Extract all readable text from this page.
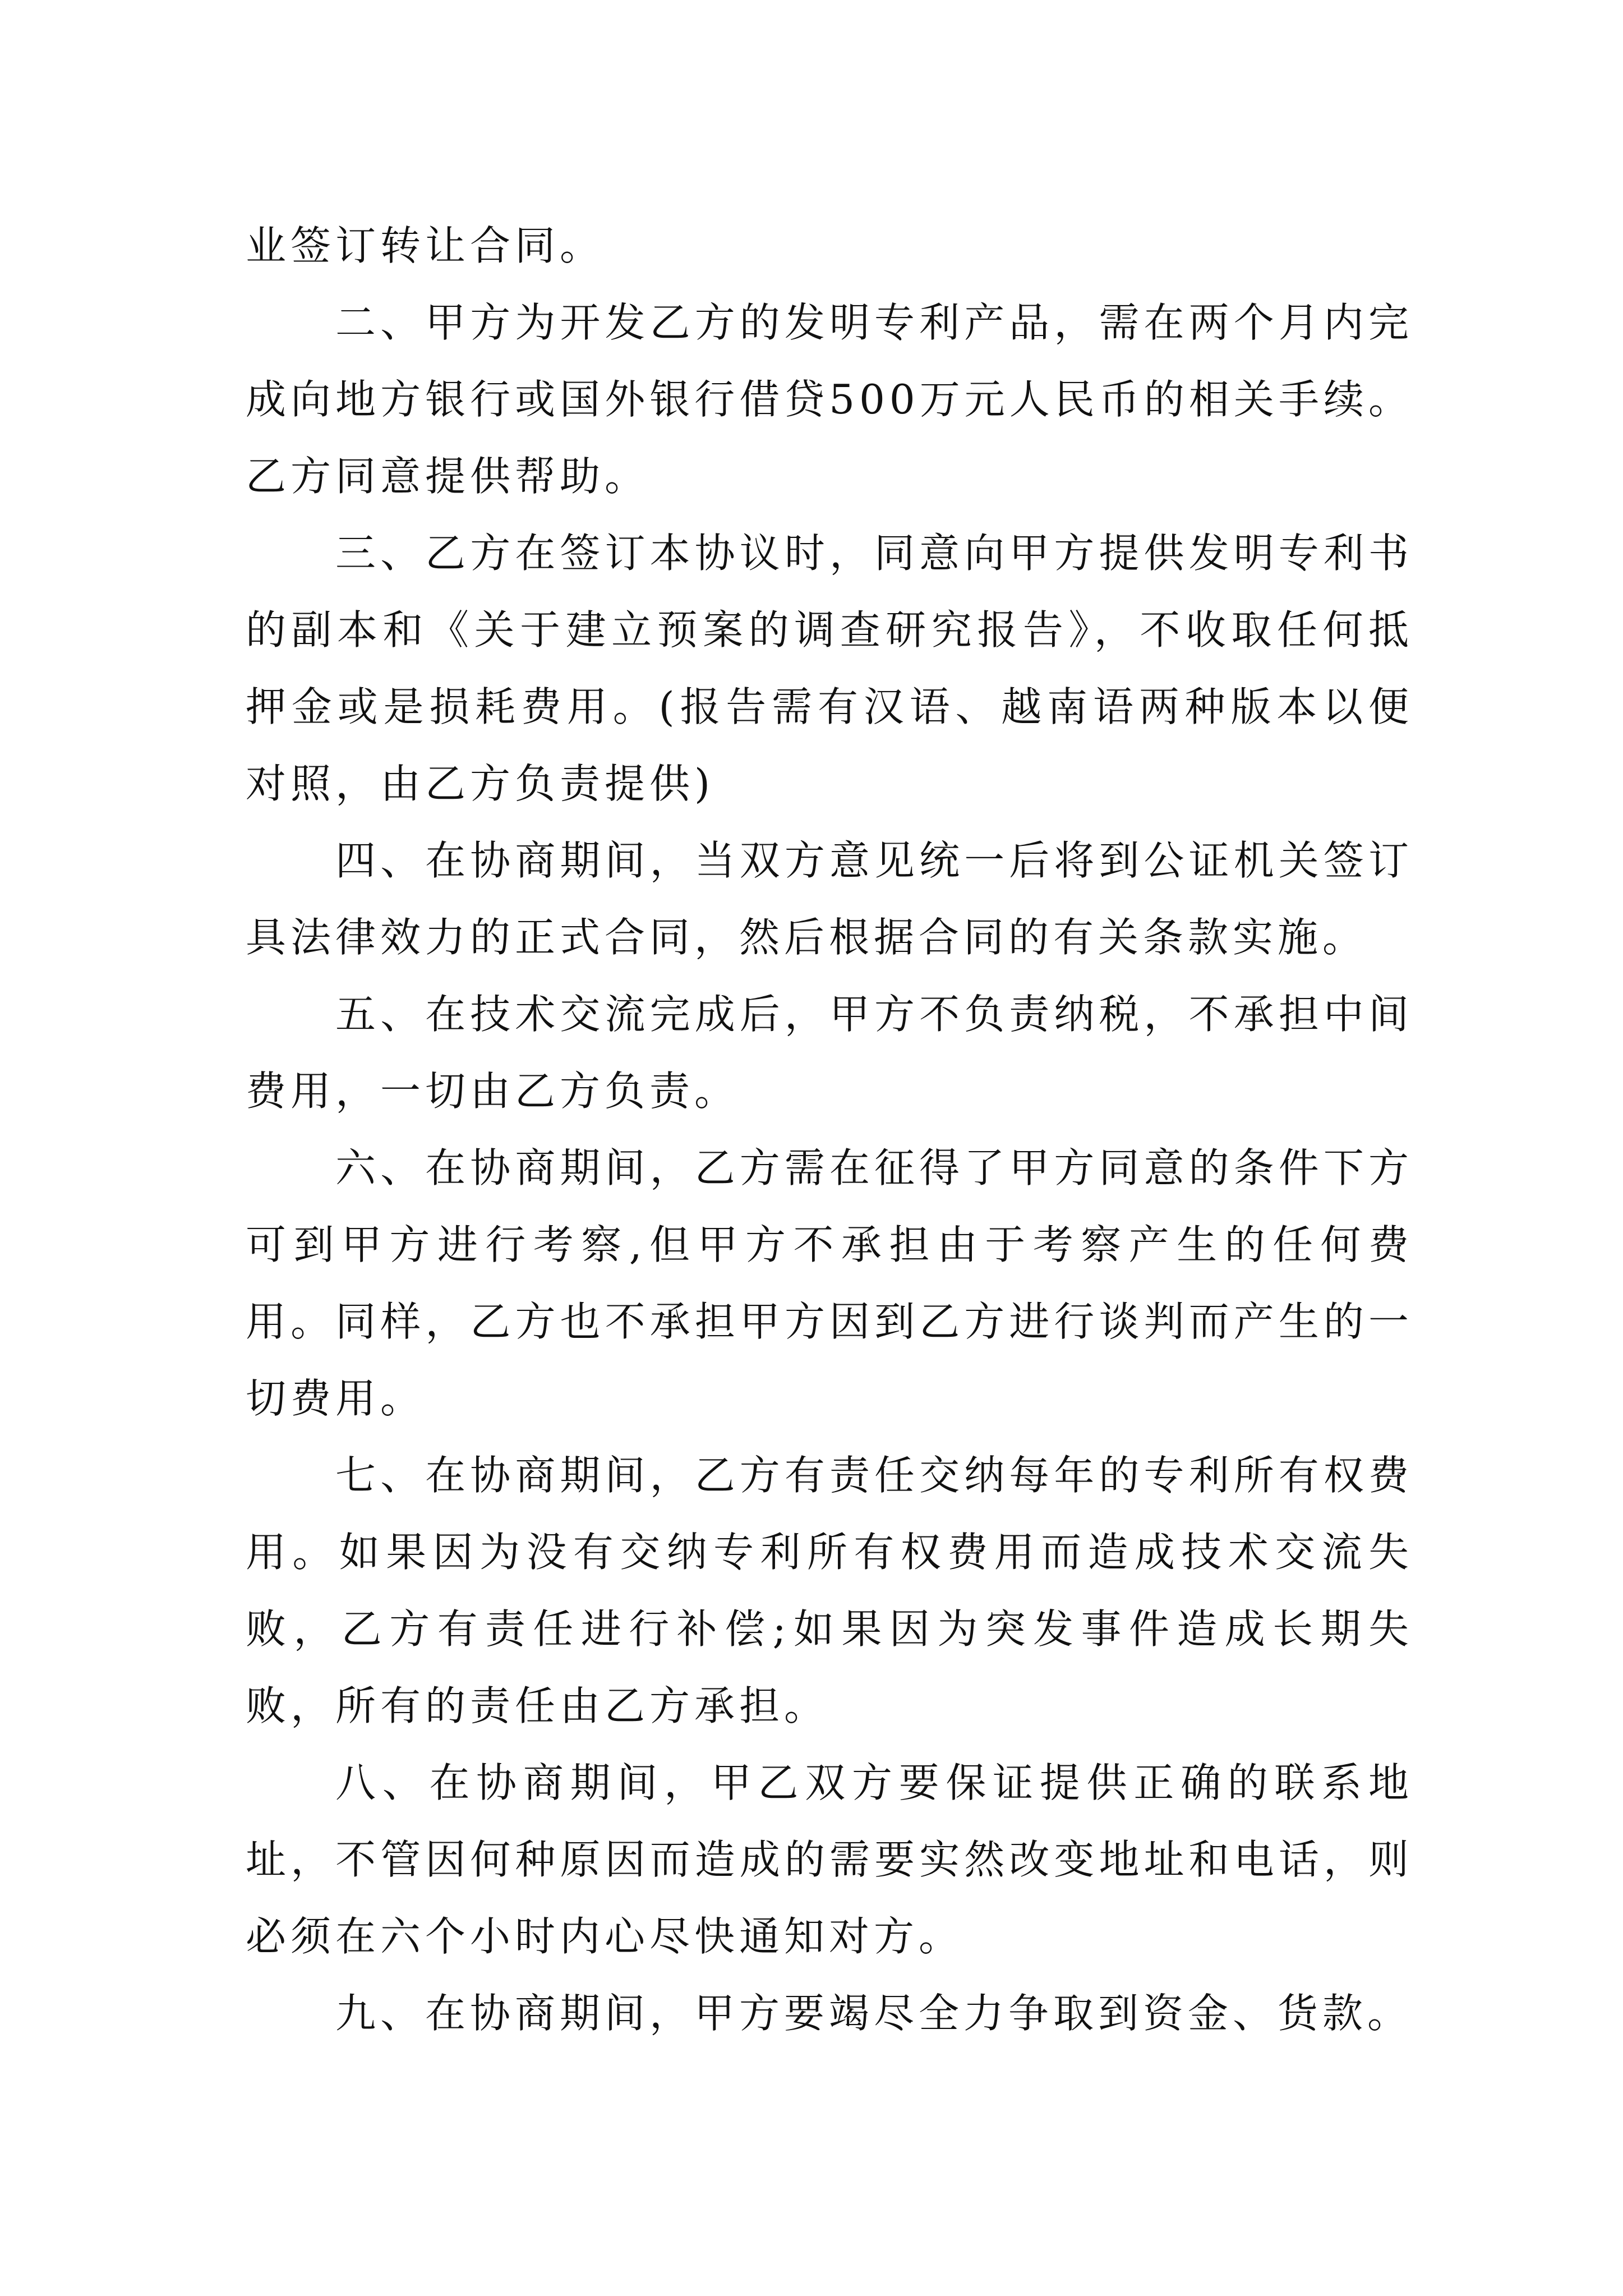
业签订转让合同。

二、甲方为开发乙方的发明专利产品，需在两个月内完成向地方银行或国外银行借贷500万元人民币的相关手续。乙方同意提供帮助。

三、乙方在签订本协议时，同意向甲方提供发明专利书的副本和《关于建立预案的调查研究报告》，不收取任何抵押金或是损耗费用。(报告需有汉语、越南语两种版本以便对照，由乙方负责提供)

四、在协商期间，当双方意见统一后将到公证机关签订具法律效力的正式合同，然后根据合同的有关条款实施。

五、在技术交流完成后，甲方不负责纳税，不承担中间费用，一切由乙方负责。

六、在协商期间，乙方需在征得了甲方同意的条件下方可到甲方进行考察,但甲方不承担由于考察产生的任何费用。同样，乙方也不承担甲方因到乙方进行谈判而产生的一切费用。

七、在协商期间，乙方有责任交纳每年的专利所有权费用。如果因为没有交纳专利所有权费用而造成技术交流失败，乙方有责任进行补偿;如果因为突发事件造成长期失败，所有的责任由乙方承担。

八、在协商期间，甲乙双方要保证提供正确的联系地址，不管因何种原因而造成的需要实然改变地址和电话，则必须在六个小时内心尽快通知对方。

九、在协商期间，甲方要竭尽全力争取到资金、货款。
